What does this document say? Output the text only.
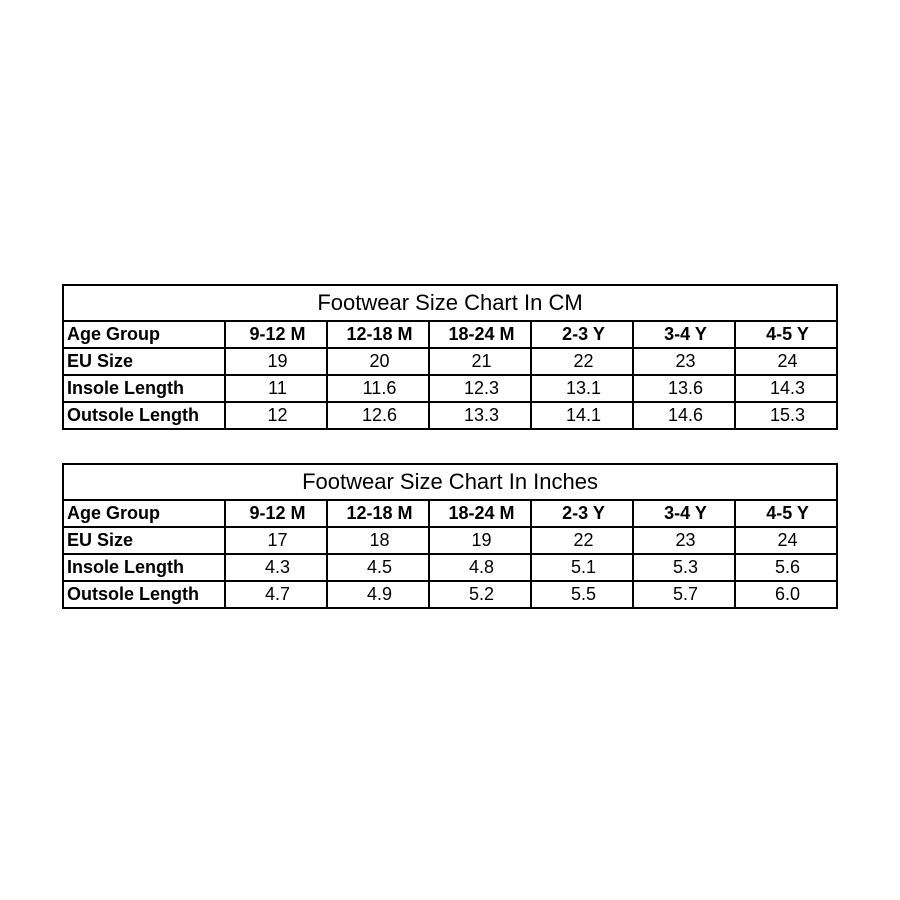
Footwear Size Chart In CM						
Age Group	9-12 M	12-18 M	18-24 M	2-3 Y	3-4 Y	4-5 Y
EU Size	19	20	21	22	23	24
Insole Length	11	11.6	12.3	13.1	13.6	14.3
Outsole Length	12	12.6	13.3	14.1	14.6	15.3
Footwear Size Chart In Inches						
Age Group	9-12 M	12-18 M	18-24 M	2-3 Y	3-4 Y	4-5 Y
EU Size	17	18	19	22	23	24
Insole Length	4.3	4.5	4.8	5.1	5.3	5.6
Outsole Length	4.7	4.9	5.2	5.5	5.7	6.0
